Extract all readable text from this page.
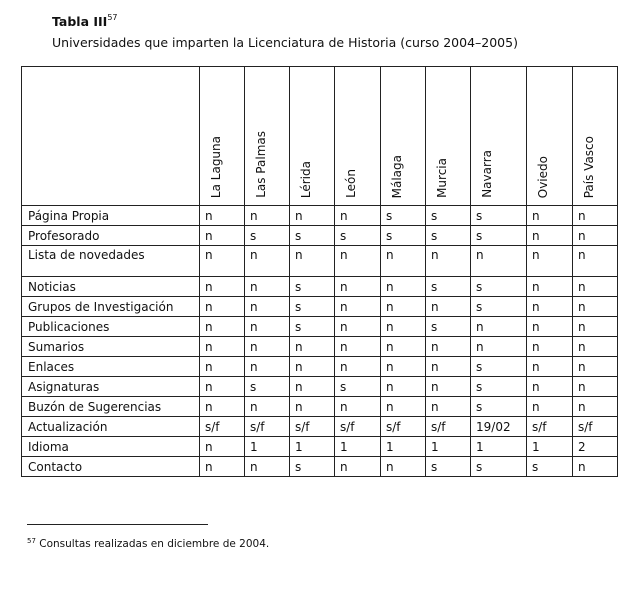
Tabla III$^{57}$
Universidades que imparten la Licenciatura de Historia (curso 2004–2005)

	La Laguna	Las Palmas	Lérida	León	Málaga	Murcia	Navarra	Oviedo	País Vasco

Página Propia	n	n	n	n	s	s	s	n	n
Profesorado	n	s	s	s	s	s	s	n	n
Lista de novedades	n	n	n	n	n	n	n	n	n
Noticias	n	n	s	n	n	s	s	n	n
Grupos de Investigación	n	n	s	n	n	n	s	n	n
Publicaciones	n	n	s	n	n	s	n	n	n
Sumarios	n	n	n	n	n	n	n	n	n
Enlaces	n	n	n	n	n	n	s	n	n
Asignaturas	n	s	n	s	n	n	s	n	n
Buzón de Sugerencias	n	n	n	n	n	n	s	n	n
Actualización	s/f	s/f	s/f	s/f	s/f	s/f	19/02	s/f	s/f
Idioma	n	1	1	1	1	1	1	1	2
Contacto	n	n	s	n	n	s	s	s	n
$^{57}$ Consultas realizadas en diciembre de 2004.
